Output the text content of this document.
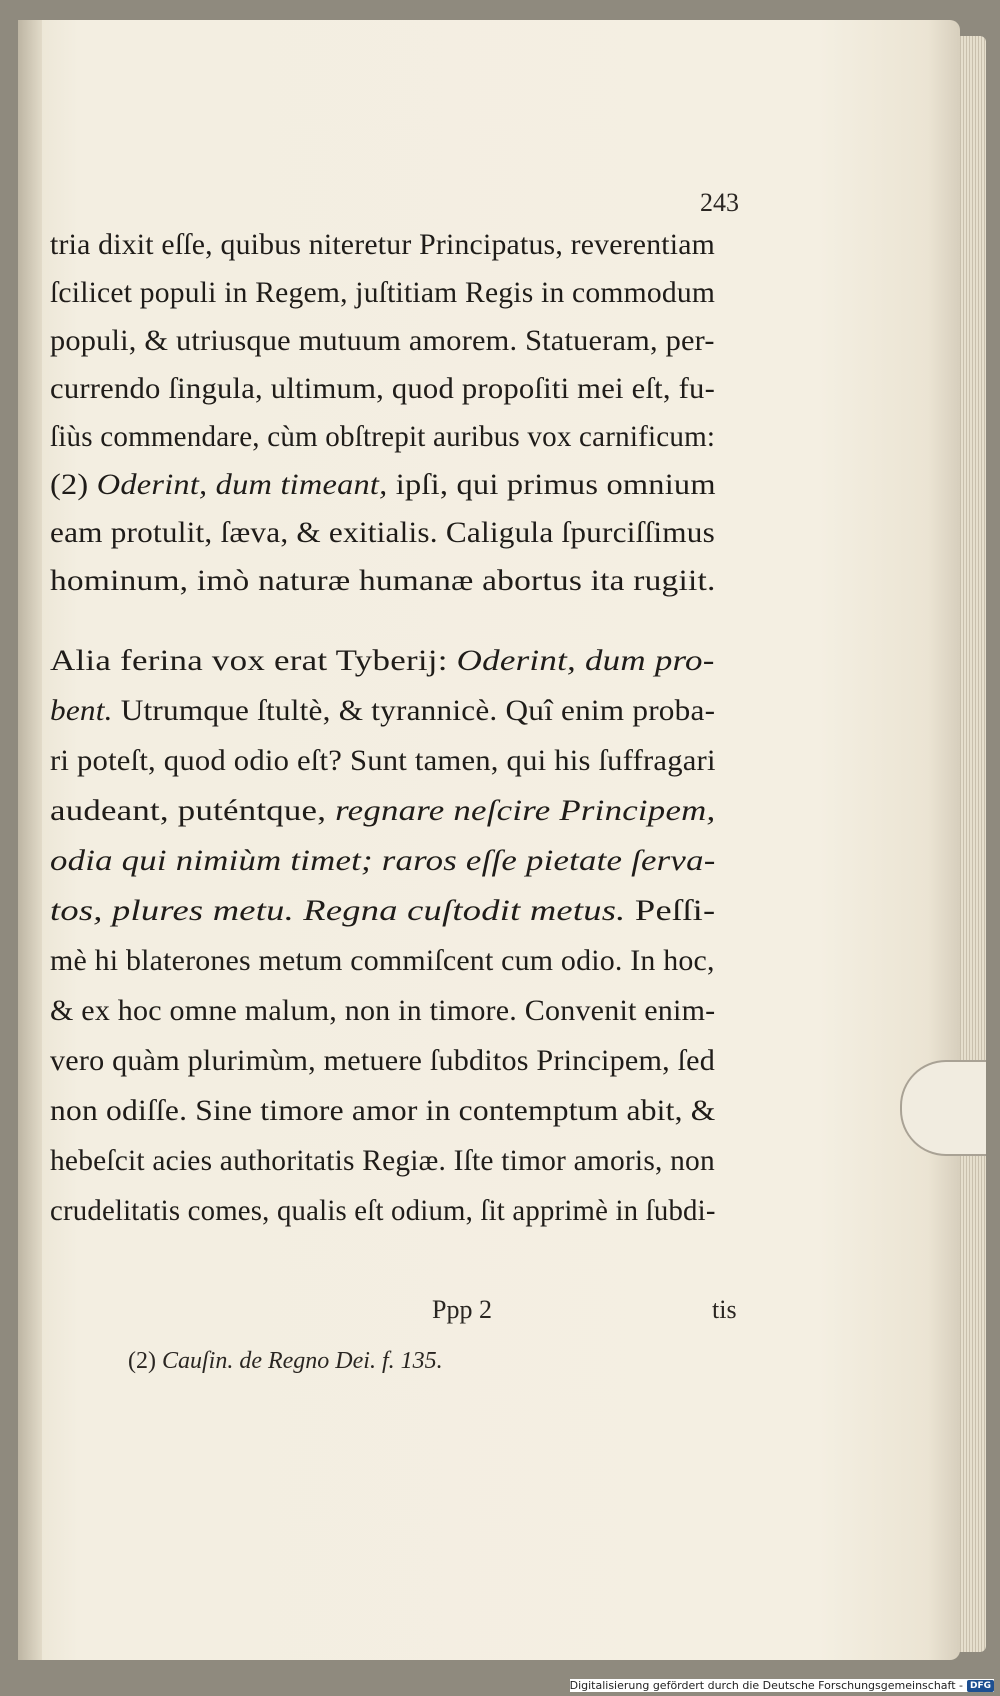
243
tria dixit eſſe, quibus niteretur Principatus, reverentiam
ſcilicet populi in Regem, juſtitiam Regis in commodum
populi, & utriusque mutuum amorem. Statueram, per-
currendo ſingula, ultimum, quod propoſiti mei eſt, fu-
ſiùs commendare, cùm obſtrepit auribus vox carnificum:
(2) Oderint, dum timeant, ipſi, qui primus omnium
eam protulit, ſæva, & exitialis. Caligula ſpurciſſimus
hominum, imò naturæ humanæ abortus ita rugiit.
Alia ferina vox erat Tyberij: Oderint, dum pro-
bent. Utrumque ſtultè, & tyrannicè. Quî enim proba-
ri poteſt, quod odio eſt? Sunt tamen, qui his ſuffragari
audeant, puténtque, regnare neſcire Principem,
odia qui nimiùm timet; raros eſſe pietate ſerva-
tos, plures metu. Regna cuſtodit metus. Peſſi-
mè hi blaterones metum commiſcent cum odio. In hoc,
& ex hoc omne malum, non in timore. Convenit enim-
vero quàm plurimùm, metuere ſubditos Principem, ſed
non odiſſe. Sine timore amor in contemptum abit, &
hebeſcit acies authoritatis Regiæ. Iſte timor amoris, non
crudelitatis comes, qualis eſt odium, ſit apprimè in ſubdi-
Ppp 2	tis
(2) Cauſin. de Regno Dei. f. 135.
Digitalisierung gefördert durch die Deutsche Forschungsgemeinschaft - DFG
